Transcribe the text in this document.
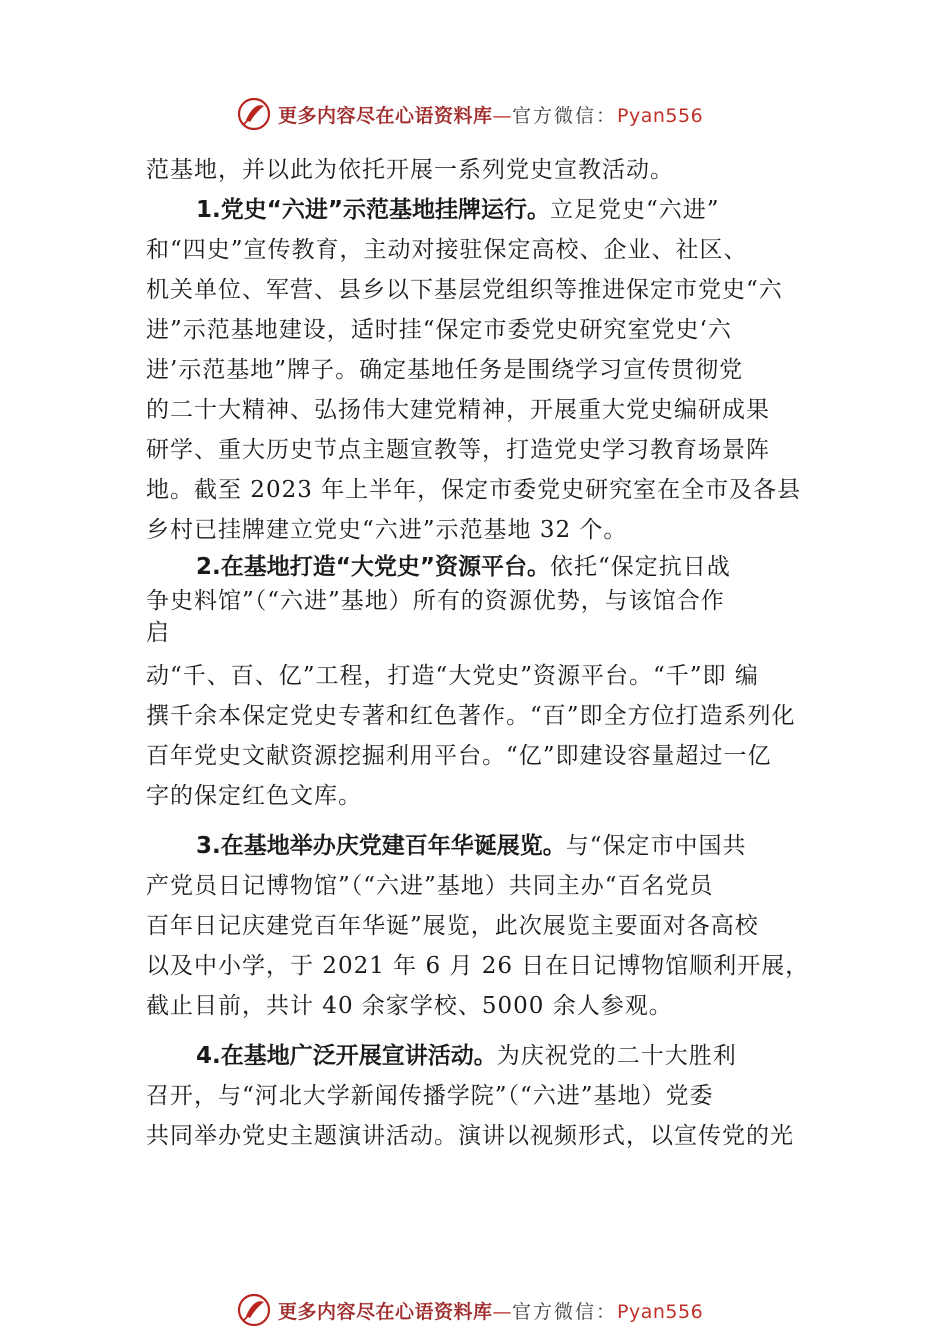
更多内容尽在心语资料库—官方微信：Pyan556
范基地，并以此为依托开展一系列党史宣教活动。
1.党史“六进”示范基地挂牌运行。立足党史“六进”
和“四史”宣传教育，主动对接驻保定高校、企业、社区、
机关单位、军营、县乡以下基层党组织等推进保定市党史“六
进”示范基地建设，适时挂“保定市委党史研究室党史‘六
进’示范基地”牌子。确定基地任务是围绕学习宣传贯彻党
的二十大精神、弘扬伟大建党精神，开展重大党史编研成果
研学、重大历史节点主题宣教等，打造党史学习教育场景阵
地。截至 2023 年上半年，保定市委党史研究室在全市及各县
乡村已挂牌建立党史“六进”示范基地 32 个。
2.在基地打造“大党史”资源平台。依托“保定抗日战
争史料馆”（“六进”基地）所有的资源优势，与该馆合作
启
动“千、百、亿”工程，打造“大党史”资源平台。“千”即 编
撰千余本保定党史专著和红色著作。“百”即全方位打造系列化
百年党史文献资源挖掘利用平台。“亿”即建设容量超过一亿
字的保定红色文库。
3.在基地举办庆党建百年华诞展览。与“保定市中国共
产党员日记博物馆”（“六进”基地）共同主办“百名党员
百年日记庆建党百年华诞”展览，此次展览主要面对各高校
以及中小学，于 2021 年 6 月 26 日在日记博物馆顺利开展，
截止目前，共计 40 余家学校、5000 余人参观。
4.在基地广泛开展宣讲活动。为庆祝党的二十大胜利
召开，与“河北大学新闻传播学院”（“六进”基地）党委
共同举办党史主题演讲活动。演讲以视频形式，以宣传党的光
更多内容尽在心语资料库—官方微信：Pyan556
